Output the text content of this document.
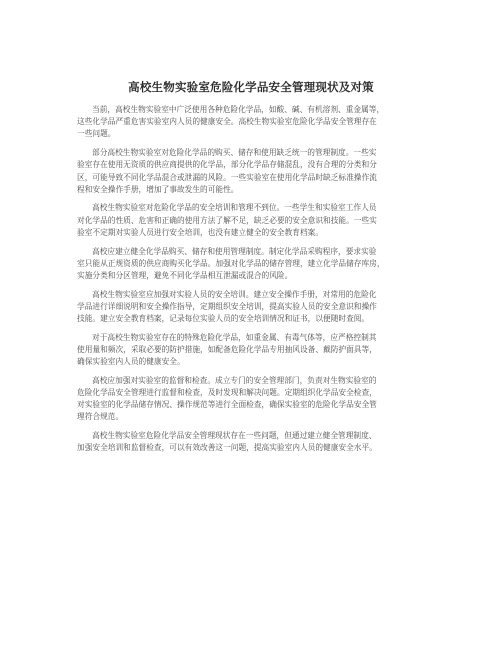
高校生物实验室危险化学品安全管理现状及对策

当前，高校生物实验室中广泛使用各种危险化学品，如酸、碱、有机溶剂、重金属等，
这些化学品严重危害实验室内人员的健康安全。高校生物实验室危险化学品安全管理存在
一些问题。

部分高校生物实验室对危险化学品的购买、储存和使用缺乏统一的管理制度。一些实
验室存在使用无资质的供应商提供的化学品，部分化学品存储混乱，没有合理的分类和分
区，可能导致不同化学品混合或泄漏的风险。一些实验室在使用化学品时缺乏标准操作流
程和安全操作手册，增加了事故发生的可能性。

高校生物实验室对危险化学品的安全培训和管理不到位。一些学生和实验室工作人员
对化学品的性质、危害和正确的使用方法了解不足，缺乏必要的安全意识和技能。一些实
验室不定期对实验人员进行安全培训，也没有建立健全的安全教育档案。

高校应建立健全化学品购买、储存和使用管理制度。制定化学品采购程序，要求实验
室只能从正规资质的供应商购买化学品。加强对化学品的储存管理，建立化学品储存库房，
实施分类和分区管理，避免不同化学品相互泄漏或混合的风险。

高校生物实验室应加强对实验人员的安全培训。建立安全操作手册，对常用的危险化
学品进行详细说明和安全操作指导，定期组织安全培训，提高实验人员的安全意识和操作
技能。建立安全教育档案，记录每位实验人员的安全培训情况和证书，以便随时查阅。

对于高校生物实验室存在的特殊危险化学品，如重金属、有毒气体等，应严格控制其
使用量和频次，采取必要的防护措施，如配备危险化学品专用抽风设备、戴防护面具等，
确保实验室内人员的健康安全。

高校应加强对实验室的监督和检查。成立专门的安全管理部门，负责对生物实验室的
危险化学品安全管理进行监督和检查，及时发现和解决问题。定期组织化学品安全检查，
对实验室的化学品储存情况、操作规范等进行全面检查，确保实验室的危险化学品安全管
理符合规范。

高校生物实验室危险化学品安全管理现状存在一些问题，但通过建立健全管理制度、
加强安全培训和监督检查，可以有效改善这一问题，提高实验室内人员的健康安全水平。
